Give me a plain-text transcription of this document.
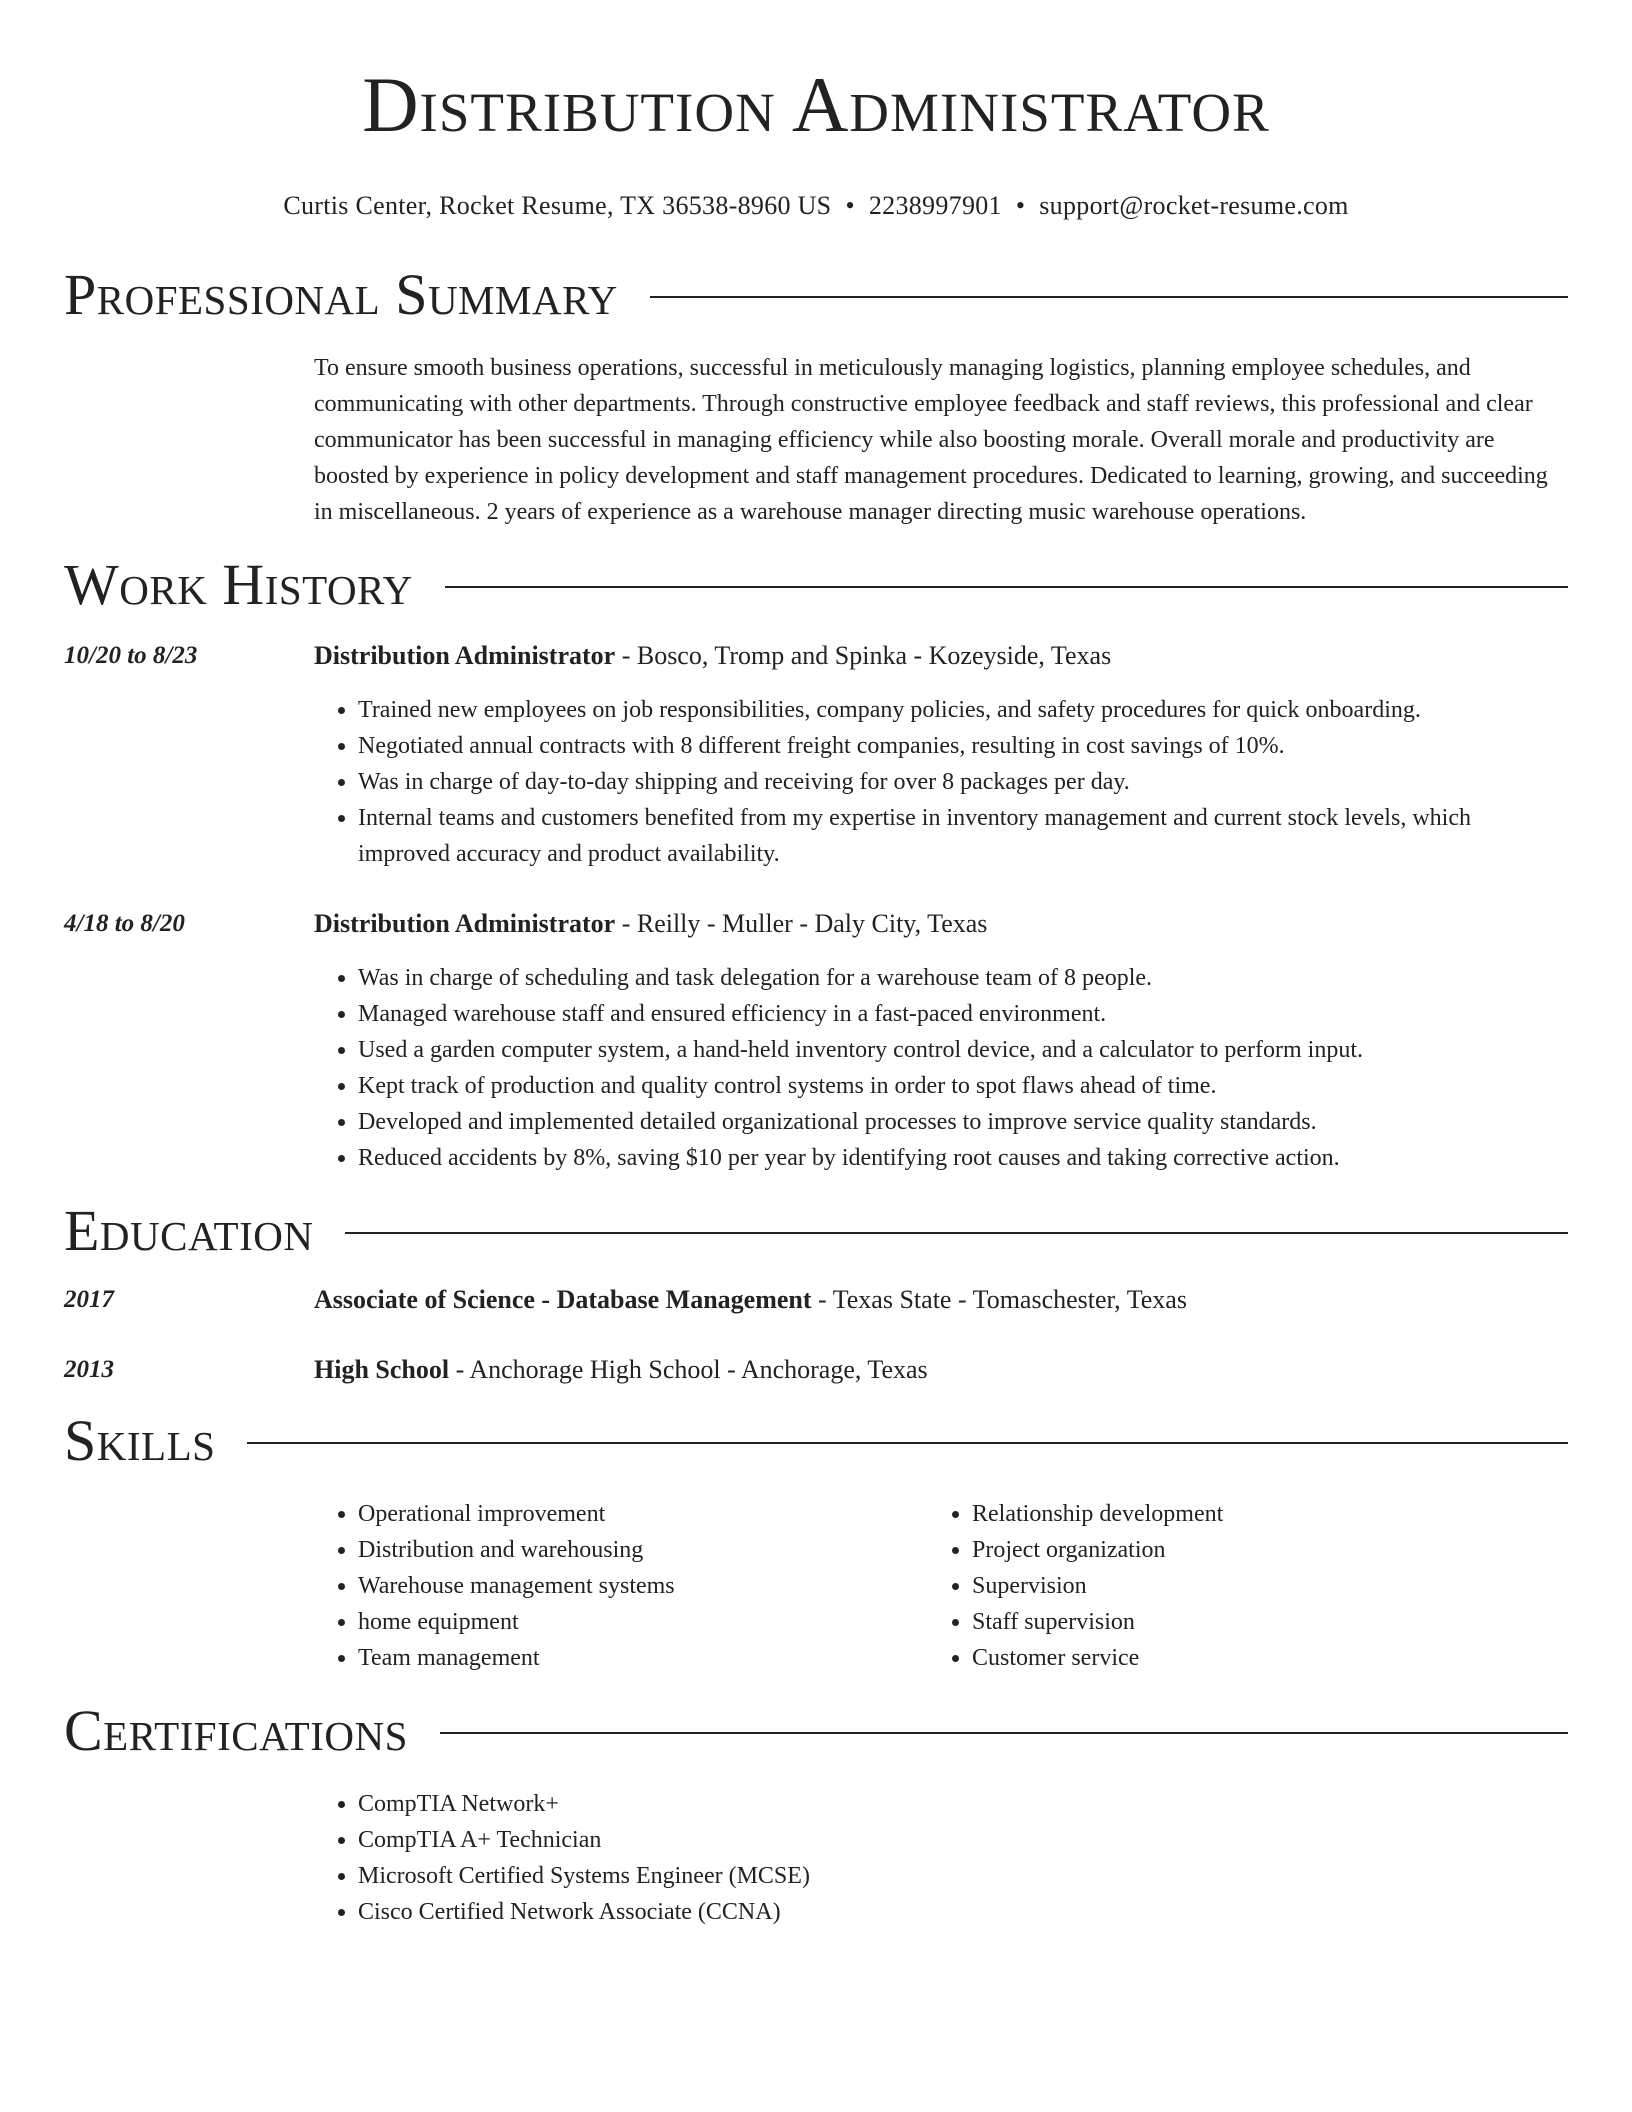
Distribution Administrator
Curtis Center, Rocket Resume, TX 36538-8960 US • 2238997901 • support@rocket-resume.com
Professional Summary
To ensure smooth business operations, successful in meticulously managing logistics, planning employee schedules, and communicating with other departments. Through constructive employee feedback and staff reviews, this professional and clear communicator has been successful in managing efficiency while also boosting morale. Overall morale and productivity are boosted by experience in policy development and staff management procedures. Dedicated to learning, growing, and succeeding in miscellaneous. 2 years of experience as a warehouse manager directing music warehouse operations.
Work History
10/20 to 8/23	Distribution Administrator - Bosco, Tromp and Spinka - Kozeyside, Texas
• Trained new employees on job responsibilities, company policies, and safety procedures for quick onboarding.
• Negotiated annual contracts with 8 different freight companies, resulting in cost savings of 10%.
• Was in charge of day-to-day shipping and receiving for over 8 packages per day.
• Internal teams and customers benefited from my expertise in inventory management and current stock levels, which improved accuracy and product availability.
4/18 to 8/20	Distribution Administrator - Reilly - Muller - Daly City, Texas
• Was in charge of scheduling and task delegation for a warehouse team of 8 people.
• Managed warehouse staff and ensured efficiency in a fast-paced environment.
• Used a garden computer system, a hand-held inventory control device, and a calculator to perform input.
• Kept track of production and quality control systems in order to spot flaws ahead of time.
• Developed and implemented detailed organizational processes to improve service quality standards.
• Reduced accidents by 8%, saving $10 per year by identifying root causes and taking corrective action.
Education
2017	Associate of Science - Database Management - Texas State - Tomaschester, Texas
2013	High School - Anchorage High School - Anchorage, Texas
Skills
• Operational improvement
• Distribution and warehousing
• Warehouse management systems
• home equipment
• Team management
• Relationship development
• Project organization
• Supervision
• Staff supervision
• Customer service
Certifications
• CompTIA Network+
• CompTIA A+ Technician
• Microsoft Certified Systems Engineer (MCSE)
• Cisco Certified Network Associate (CCNA)
